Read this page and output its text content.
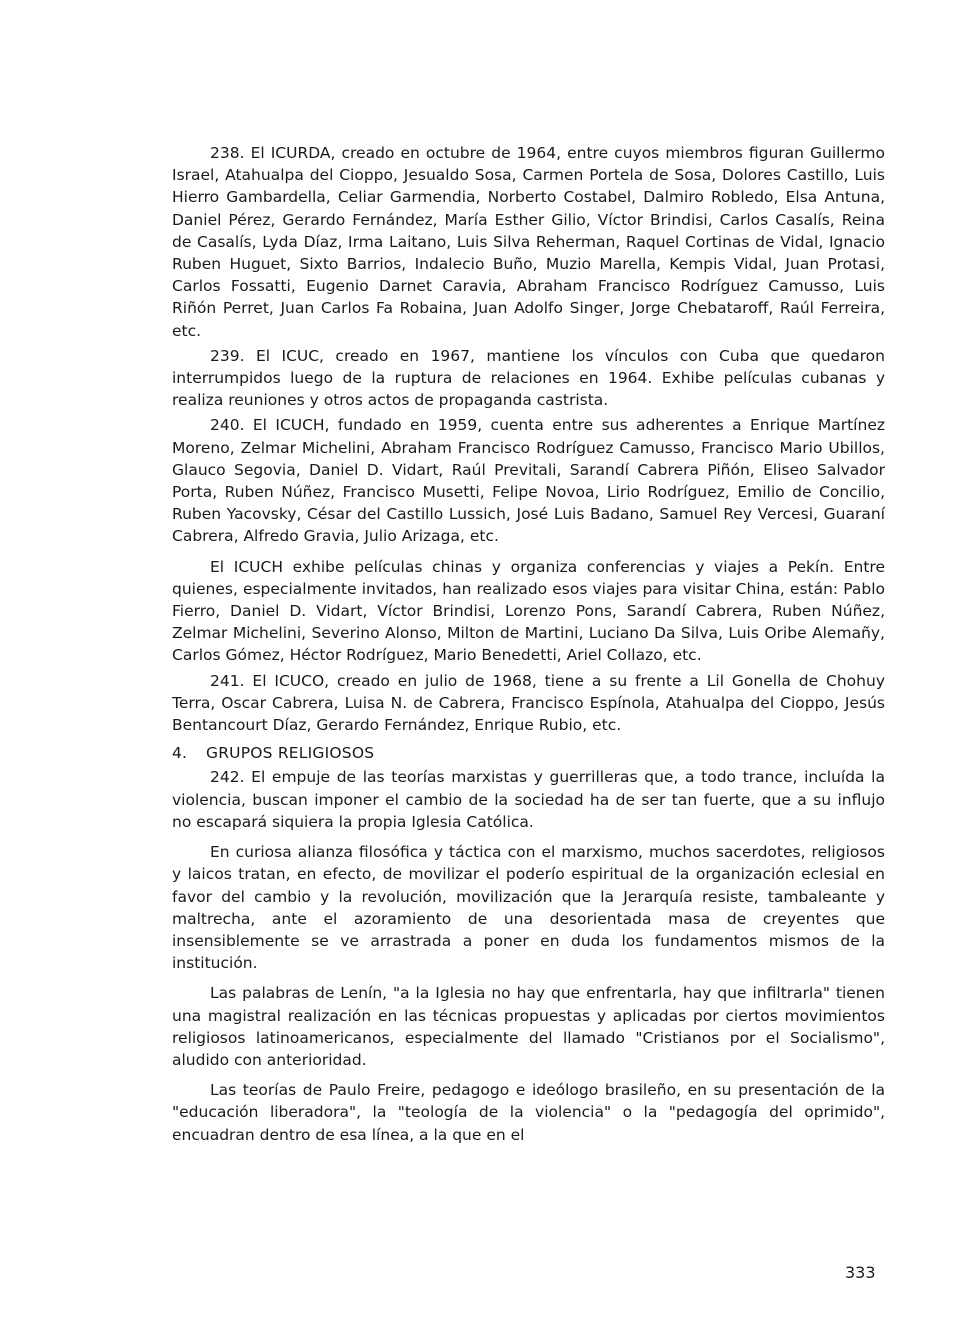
238. El ICURDA, creado en octubre de 1964, entre cuyos miembros figuran Guillermo Israel, Atahualpa del Cioppo, Jesualdo Sosa, Carmen Portela de Sosa, Dolores Castillo, Luis Hierro Gambardella, Celiar Garmendia, Norberto Costabel, Dalmiro Robledo, Elsa Antuna, Daniel Pérez, Gerardo Fernández, María Esther Gilio, Víctor Brindisi, Carlos Casalís, Reina de Casalís, Lyda Díaz, Irma Laitano, Luis Silva Reherman, Raquel Cortinas de Vidal, Ignacio Ruben Huguet, Sixto Barrios, Indalecio Buño, Muzio Marella, Kempis Vidal, Juan Protasi, Carlos Fossatti, Eugenio Darnet Caravia, Abraham Francisco Rodríguez Camusso, Luis Riñón Perret, Juan Carlos Fa Robaina, Juan Adolfo Singer, Jorge Chebataroff, Raúl Ferreira, etc.

239. El ICUC, creado en 1967, mantiene los vínculos con Cuba que quedaron interrumpidos luego de la ruptura de relaciones en 1964. Exhibe películas cubanas y realiza reuniones y otros actos de propaganda castrista.

240. El ICUCH, fundado en 1959, cuenta entre sus adherentes a Enrique Martínez Moreno, Zelmar Michelini, Abraham Francisco Rodríguez Camusso, Francisco Mario Ubillos, Glauco Segovia, Daniel D. Vidart, Raúl Previtali, Sarandí Cabrera Piñón, Eliseo Salvador Porta, Ruben Núñez, Francisco Musetti, Felipe Novoa, Lirio Rodríguez, Emilio de Concilio, Ruben Yacovsky, César del Castillo Lussich, José Luis Badano, Samuel Rey Vercesi, Guaraní Cabrera, Alfredo Gravia, Julio Arizaga, etc.

El ICUCH exhibe películas chinas y organiza conferencias y viajes a Pekín. Entre quienes, especialmente invitados, han realizado esos viajes para visitar China, están: Pablo Fierro, Daniel D. Vidart, Víctor Brindisi, Lorenzo Pons, Sarandí Cabrera, Ruben Núñez, Zelmar Michelini, Severino Alonso, Milton de Martini, Luciano Da Silva, Luis Oribe Alemañy, Carlos Gómez, Héctor Rodríguez, Mario Benedetti, Ariel Collazo, etc.

241. El ICUCO, creado en julio de 1968, tiene a su frente a Lil Gonella de Chohuy Terra, Oscar Cabrera, Luisa N. de Cabrera, Francisco Espínola, Atahualpa del Cioppo, Jesús Bentancourt Díaz, Gerardo Fernández, Enrique Rubio, etc.

4. GRUPOS RELIGIOSOS

242. El empuje de las teorías marxistas y guerrilleras que, a todo trance, incluída la violencia, buscan imponer el cambio de la sociedad ha de ser tan fuerte, que a su influjo no escapará siquiera la propia Iglesia Católica.

En curiosa alianza filosófica y táctica con el marxismo, muchos sacerdotes, religiosos y laicos tratan, en efecto, de movilizar el poderío espiritual de la organización eclesial en favor del cambio y la revolución, movilización que la Jerarquía resiste, tambaleante y maltrecha, ante el azoramiento de una desorientada masa de creyentes que insensiblemente se ve arrastrada a poner en duda los fundamentos mismos de la institución.

Las palabras de Lenín, "a la Iglesia no hay que enfrentarla, hay que infiltrarla" tienen una magistral realización en las técnicas propuestas y aplicadas por ciertos movimientos religiosos latinoamericanos, especialmente del llamado "Cristianos por el Socialismo", aludido con anterioridad.

Las teorías de Paulo Freire, pedagogo e ideólogo brasileño, en su presentación de la "educación liberadora", la "teología de la violencia" o la "pedagogía del oprimido", encuadran dentro de esa línea, a la que en el

333
